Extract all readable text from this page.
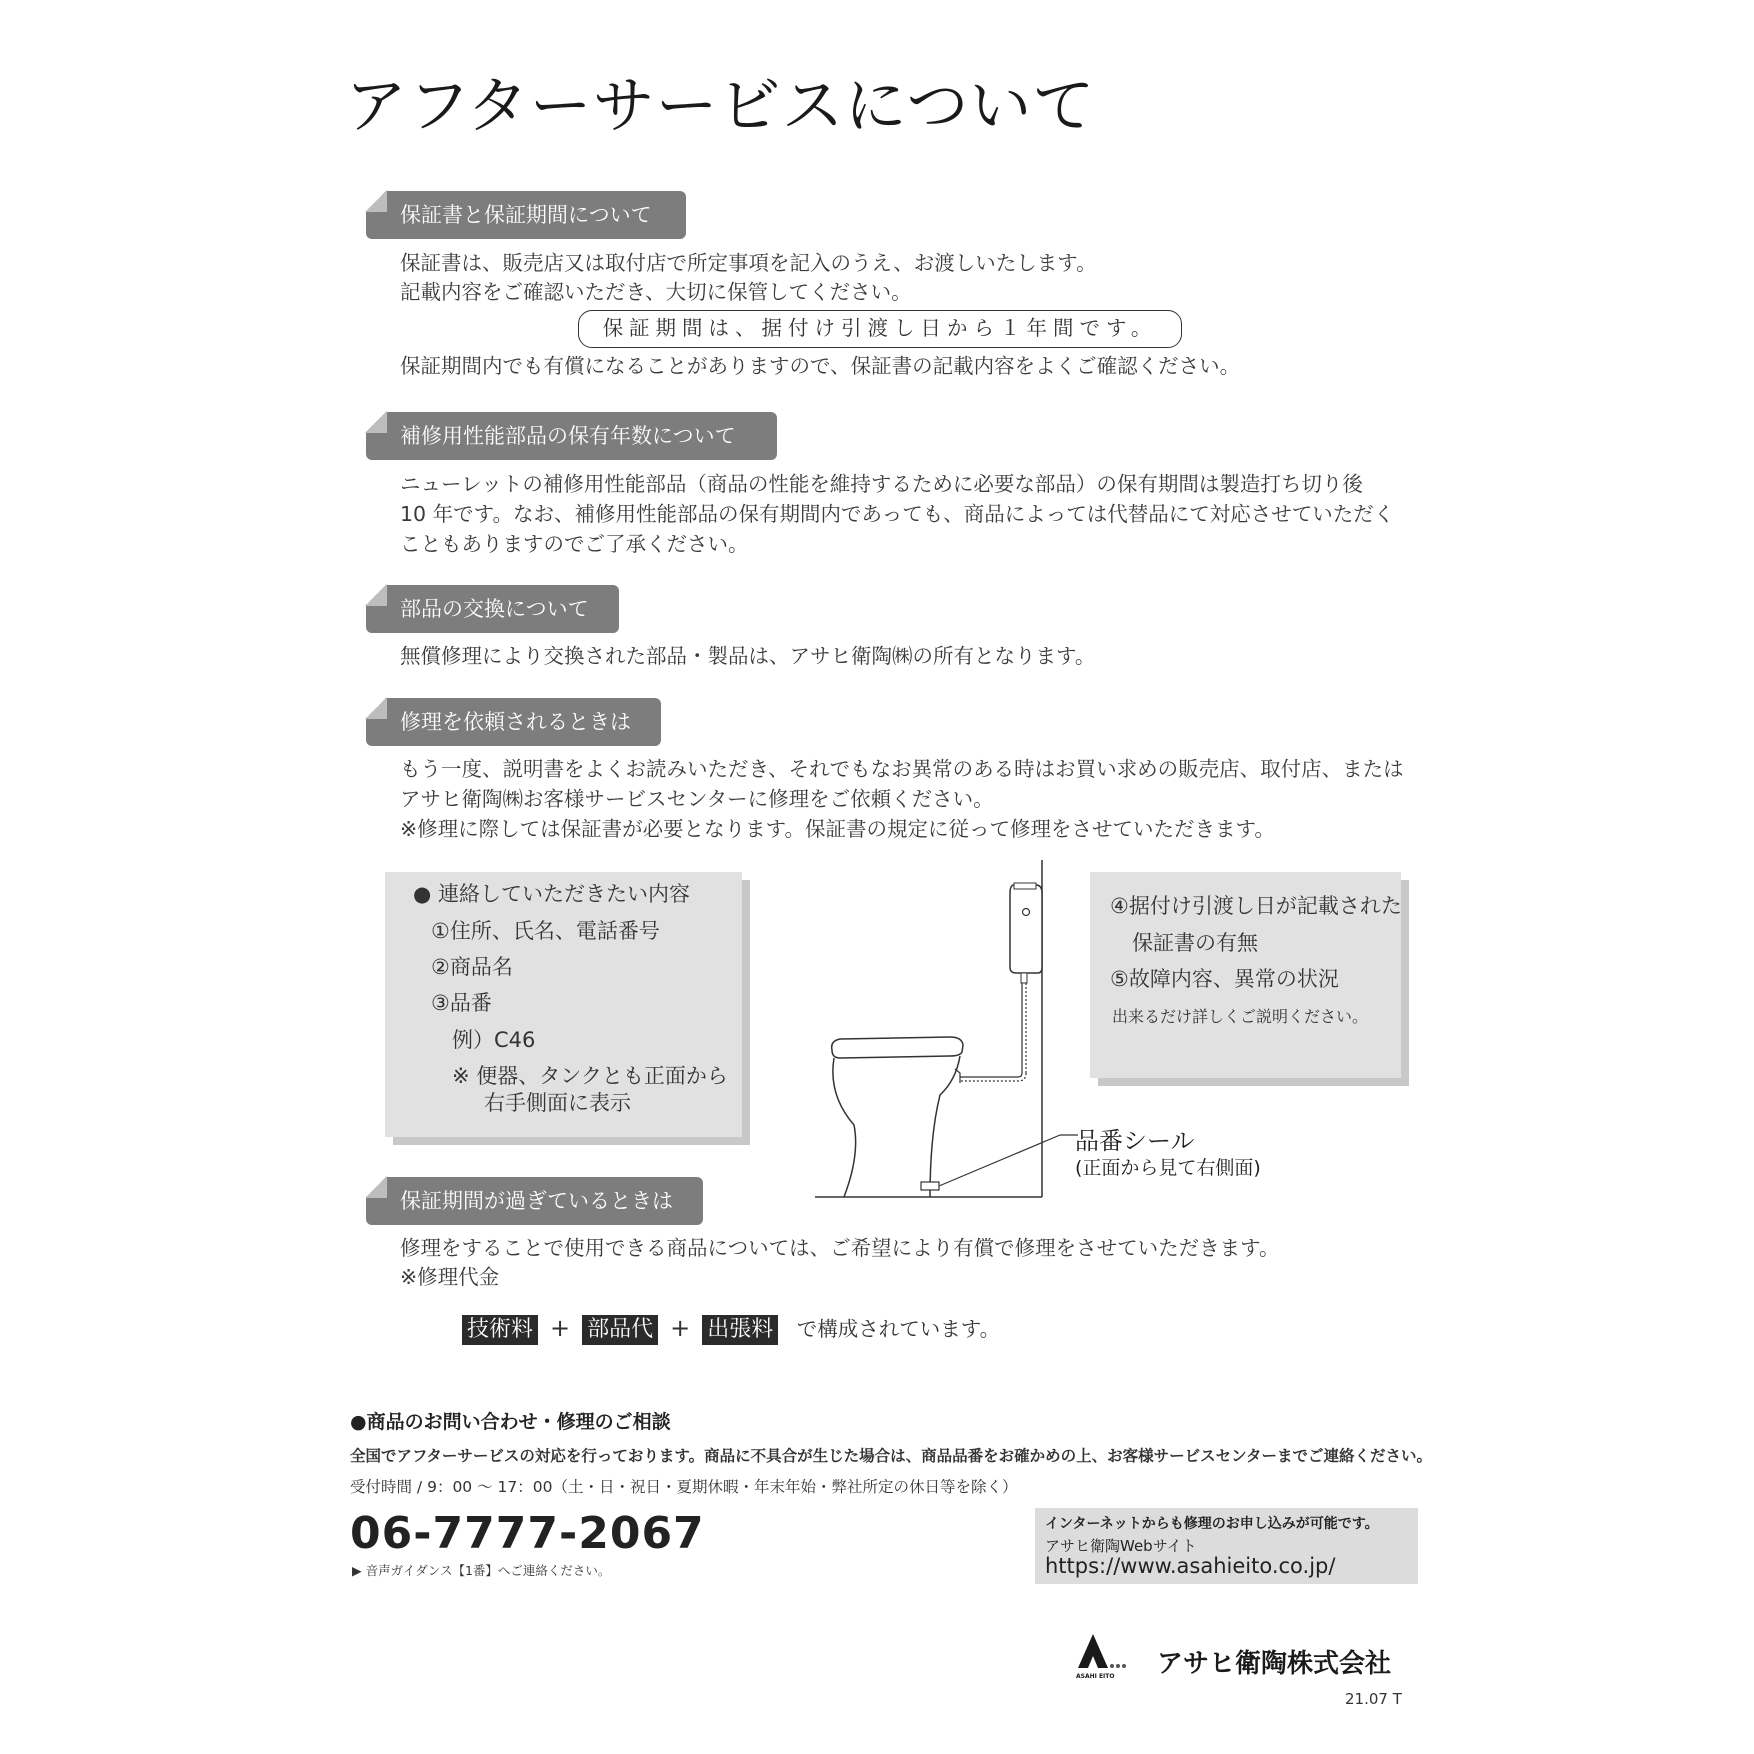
アフターサービスについて
保証書と保証期間について
保証書は、販売店又は取付店で所定事項を記入のうえ、お渡しいたします。
記載内容をご確認いただき、大切に保管してください。
保証期間は、据付け引渡し日から１年間です。
保証期間内でも有償になることがありますので、保証書の記載内容をよくご確認ください。
補修用性能部品の保有年数について
ニューレットの補修用性能部品（商品の性能を維持するために必要な部品）の保有期間は製造打ち切り後
10 年です。なお、補修用性能部品の保有期間内であっても、商品によっては代替品にて対応させていただく
こともありますのでご了承ください。
部品の交換について
無償修理により交換された部品・製品は、アサヒ衛陶㈱の所有となります。
修理を依頼されるときは
もう一度、説明書をよくお読みいただき、それでもなお異常のある時はお買い求めの販売店、取付店、または
アサヒ衛陶㈱お客様サービスセンターに修理をご依頼ください。
※修理に際しては保証書が必要となります。保証書の規定に従って修理をさせていただきます。
● 連絡していただきたい内容
①住所、氏名、電話番号
②商品名
③品番
例）C46
※ 便器、タンクとも正面から
右手側面に表示
④据付け引渡し日が記載された
保証書の有無
⑤故障内容、異常の状況
出来るだけ詳しくご説明ください。
品番シール
(正面から見て右側面)
保証期間が過ぎているときは
修理をすることで使用できる商品については、ご希望により有償で修理をさせていただきます。
※修理代金
技術料 + 部品代 + 出張料 で構成されています。
●商品のお問い合わせ・修理のご相談
全国でアフターサービスの対応を行っております。商品に不具合が生じた場合は、商品品番をお確かめの上、お客様サービスセンターまでご連絡ください。
受付時間 / 9：00 ～ 17：00（土・日・祝日・夏期休暇・年末年始・弊社所定の休日等を除く）
06-7777-2067
▶ 音声ガイダンス【1番】へご連絡ください。
インターネットからも修理のお申し込みが可能です。
アサヒ衛陶Webサイト
https://www.asahieito.co.jp/
ASAHI EITO アサヒ衛陶株式会社
21.07 T
